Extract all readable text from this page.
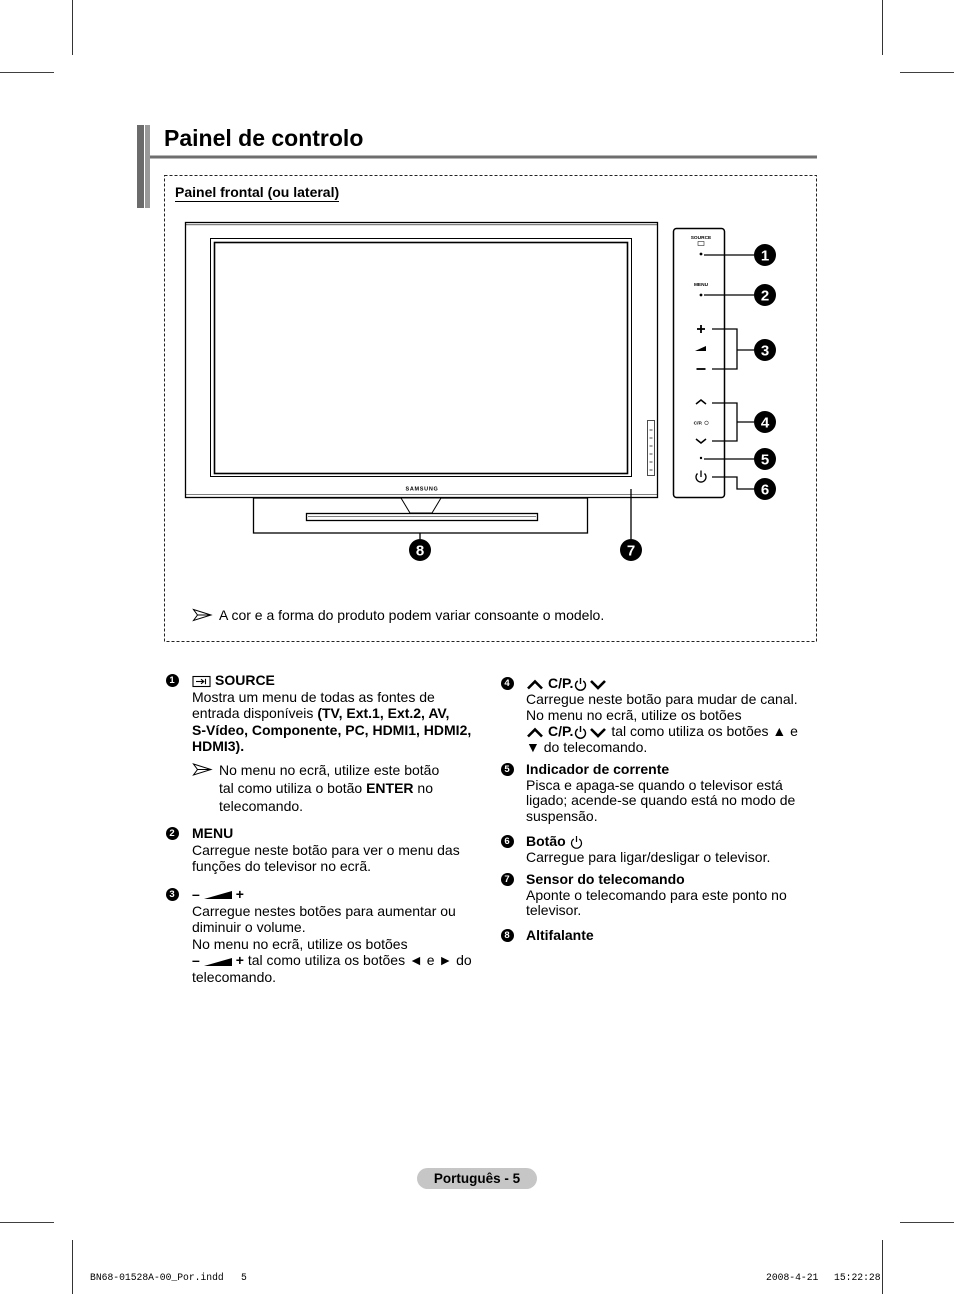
SAMSUNG
SOURCE
MENU
C/P.
1
2
3
4
5
6
7
8
Painel de controlo
Painel frontal (ou lateral)
A cor e a forma do produto podem variar consoante o modelo.
1	SOURCE
Mostra um menu de todas as fontes de
entrada disponíveis (TV, Ext.1, Ext.2, AV,
S-Vídeo, Componente, PC, HDMI1, HDMI2,
HDMI3).
No menu no ecrã, utilize este botão
tal como utiliza o botão ENTER no
telecomando.
2 MENU
Carregue neste botão para ver o menu das
funções do televisor no ecrã.
3 –	+
Carregue nestes botões para aumentar ou
diminuir o volume.
No menu no ecrã, utilize os botões
–	+ tal como utiliza os botões ◄ e ► do
telecomando.
4	C/P.
Carregue neste botão para mudar de canal.
No menu no ecrã, utilize os botões
C/P. tal como utiliza os botões ▲ e
▼ do telecomando.
5 Indicador de corrente
Pisca e apaga-se quando o televisor está
ligado; acende-se quando está no modo de
suspensão.
6 Botão
Carregue para ligar/desligar o televisor.
7 Sensor do telecomando
Aponte o telecomando para este ponto no
televisor.
8 Altifalante
Português - 5
BN68-01528A-00_Por.indd 5	2008-4-21 15:22:28
